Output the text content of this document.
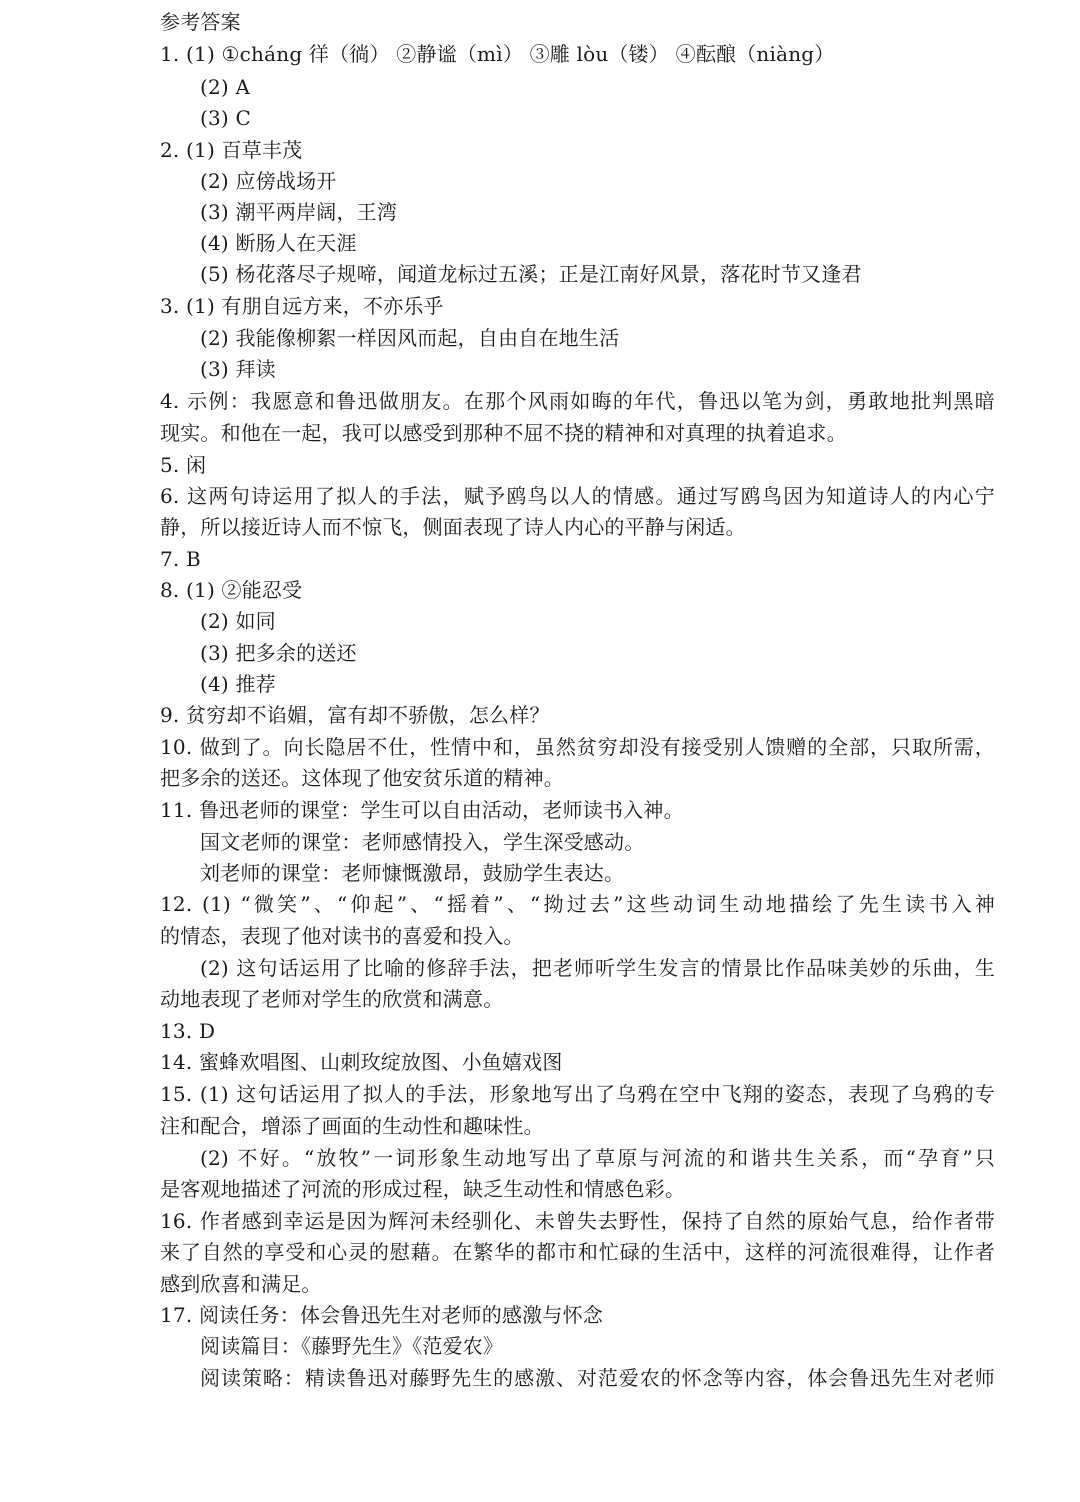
参考答案
1. (1) ①cháng 徉（徜） ②静谧（mì） ③雕 lòu（镂） ④酝酿（niàng）
(2) A
(3) C
2. (1) 百草丰茂
(2) 应傍战场开
(3) 潮平两岸阔，王湾
(4) 断肠人在天涯
(5) 杨花落尽子规啼，闻道龙标过五溪；正是江南好风景，落花时节又逢君
3. (1) 有朋自远方来，不亦乐乎
(2) 我能像柳絮一样因风而起，自由自在地生活
(3) 拜读
4. 示例：我愿意和鲁迅做朋友。在那个风雨如晦的年代，鲁迅以笔为剑，勇敢地批判黑暗
现实。和他在一起，我可以感受到那种不屈不挠的精神和对真理的执着追求。
5. 闲
6. 这两句诗运用了拟人的手法，赋予鸥鸟以人的情感。通过写鸥鸟因为知道诗人的内心宁
静，所以接近诗人而不惊飞，侧面表现了诗人内心的平静与闲适。
7. B
8. (1) ②能忍受
(2) 如同
(3) 把多余的送还
(4) 推荐
9. 贫穷却不谄媚，富有却不骄傲，怎么样？
10. 做到了。向长隐居不仕，性情中和，虽然贫穷却没有接受别人馈赠的全部，只取所需，
把多余的送还。这体现了他安贫乐道的精神。
11. 鲁迅老师的课堂：学生可以自由活动，老师读书入神。
国文老师的课堂：老师感情投入，学生深受感动。
刘老师的课堂：老师慷慨激昂，鼓励学生表达。
12. (1) “微笑”、“仰起”、“摇着”、“拗过去”这些动词生动地描绘了先生读书入神
的情态，表现了他对读书的喜爱和投入。
(2) 这句话运用了比喻的修辞手法，把老师听学生发言的情景比作品味美妙的乐曲，生
动地表现了老师对学生的欣赏和满意。
13. D
14. 蜜蜂欢唱图、山刺玫绽放图、小鱼嬉戏图
15. (1) 这句话运用了拟人的手法，形象地写出了乌鸦在空中飞翔的姿态，表现了乌鸦的专
注和配合，增添了画面的生动性和趣味性。
(2) 不好。“放牧”一词形象生动地写出了草原与河流的和谐共生关系，而“孕育”只
是客观地描述了河流的形成过程，缺乏生动性和情感色彩。
16. 作者感到幸运是因为辉河未经驯化、未曾失去野性，保持了自然的原始气息，给作者带
来了自然的享受和心灵的慰藉。在繁华的都市和忙碌的生活中，这样的河流很难得，让作者
感到欣喜和满足。
17. 阅读任务：体会鲁迅先生对老师的感激与怀念
阅读篇目：《藤野先生》《范爱农》
阅读策略：精读鲁迅对藤野先生的感激、对范爱农的怀念等内容，体会鲁迅先生对老师
